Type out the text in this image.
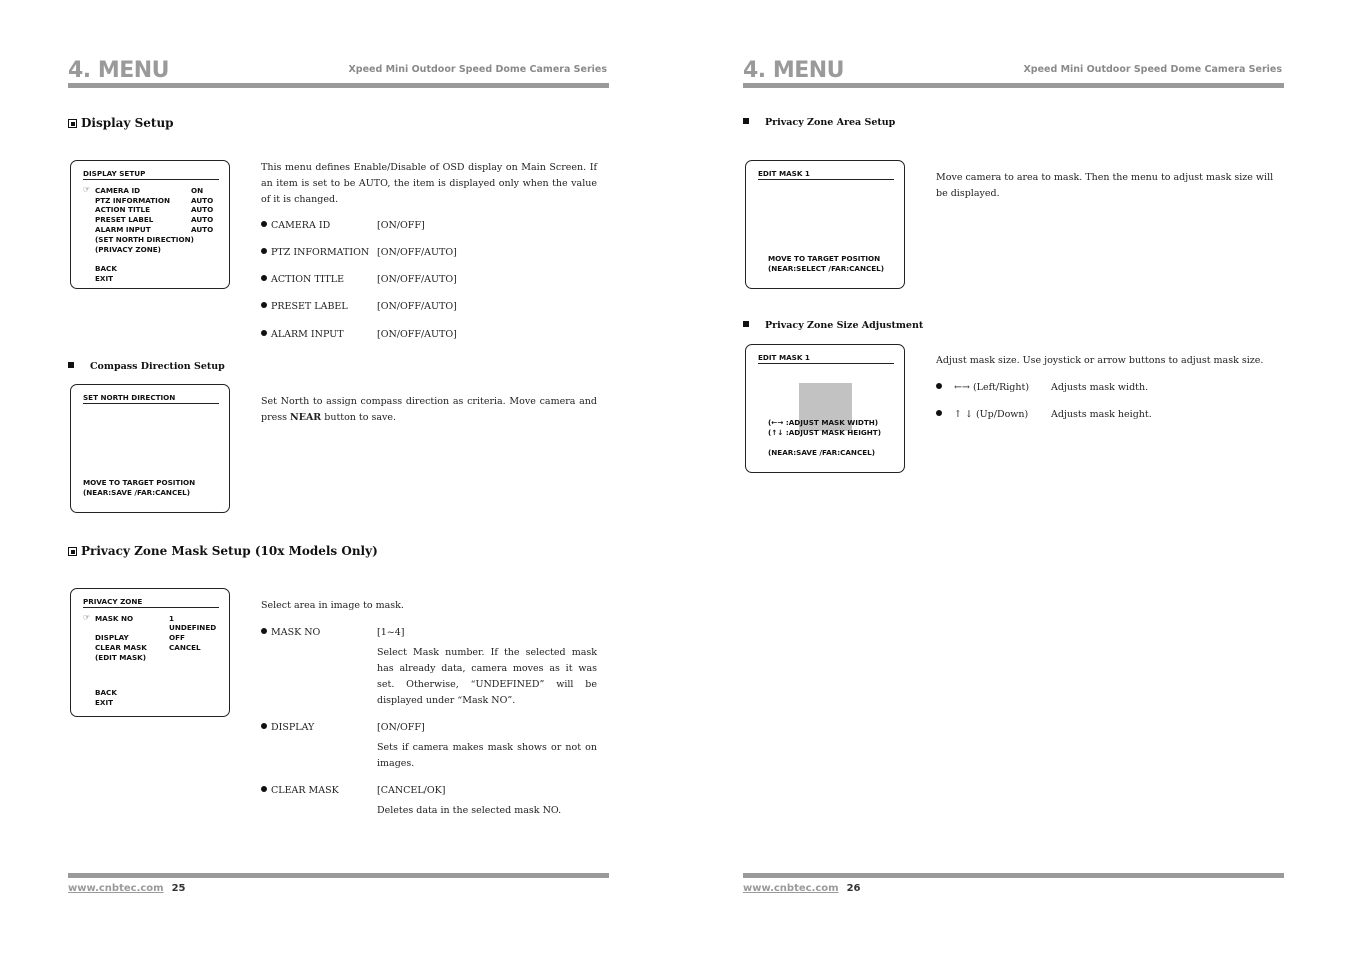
4. MENU	Xpeed Mini Outdoor Speed Dome Camera Series
Display Setup
DISPLAY SETUP
☞ CAMERA ID	ON
PTZ INFORMATION	AUTO
ACTION TITLE	AUTO
PRESET LABEL	AUTO
ALARM INPUT	AUTO
(SET NORTH DIRECTION)
(PRIVACY ZONE)
BACK
EXIT
This menu defines Enable/Disable of OSD display on Main Screen. If an item is set to be AUTO, the item is displayed only when the value of it is changed.
CAMERA ID	[ON/OFF]
PTZ INFORMATION [ON/OFF/AUTO]
ACTION TITLE	[ON/OFF/AUTO]
PRESET LABEL	[ON/OFF/AUTO]
ALARM INPUT	[ON/OFF/AUTO]
Compass Direction Setup
SET NORTH DIRECTION
MOVE TO TARGET POSITION
(NEAR:SAVE /FAR:CANCEL)
Set North to assign compass direction as criteria. Move camera and press NEAR button to save.
Privacy Zone Mask Setup (10x Models Only)
PRIVACY ZONE
☞ MASK NO	1
UNDEFINED
DISPLAY	OFF
CLEAR MASK	CANCEL
(EDIT MASK)
BACK
EXIT
Select area in image to mask.
MASK NO	[1~4]
Select Mask number. If the selected mask has already data, camera moves as it was set. Otherwise, “UNDEFINED” will be displayed under “Mask NO”.
DISPLAY	[ON/OFF]
Sets if camera makes mask shows or not on images.
CLEAR MASK	[CANCEL/OK]
Deletes data in the selected mask NO.
www.cnbtec.com 25
4. MENU	Xpeed Mini Outdoor Speed Dome Camera Series
Privacy Zone Area Setup
EDIT MASK 1
MOVE TO TARGET POSITION
(NEAR:SELECT /FAR:CANCEL)
Move camera to area to mask. Then the menu to adjust mask size will be displayed.
Privacy Zone Size Adjustment
EDIT MASK 1
(←→ :ADJUST MASK WIDTH)
(↑↓ :ADJUST MASK HEIGHT)
(NEAR:SAVE /FAR:CANCEL)
Adjust mask size. Use joystick or arrow buttons to adjust mask size.
←→ (Left/Right) Adjusts mask width.
↑ ↓ (Up/Down) Adjusts mask height.
www.cnbtec.com 26
